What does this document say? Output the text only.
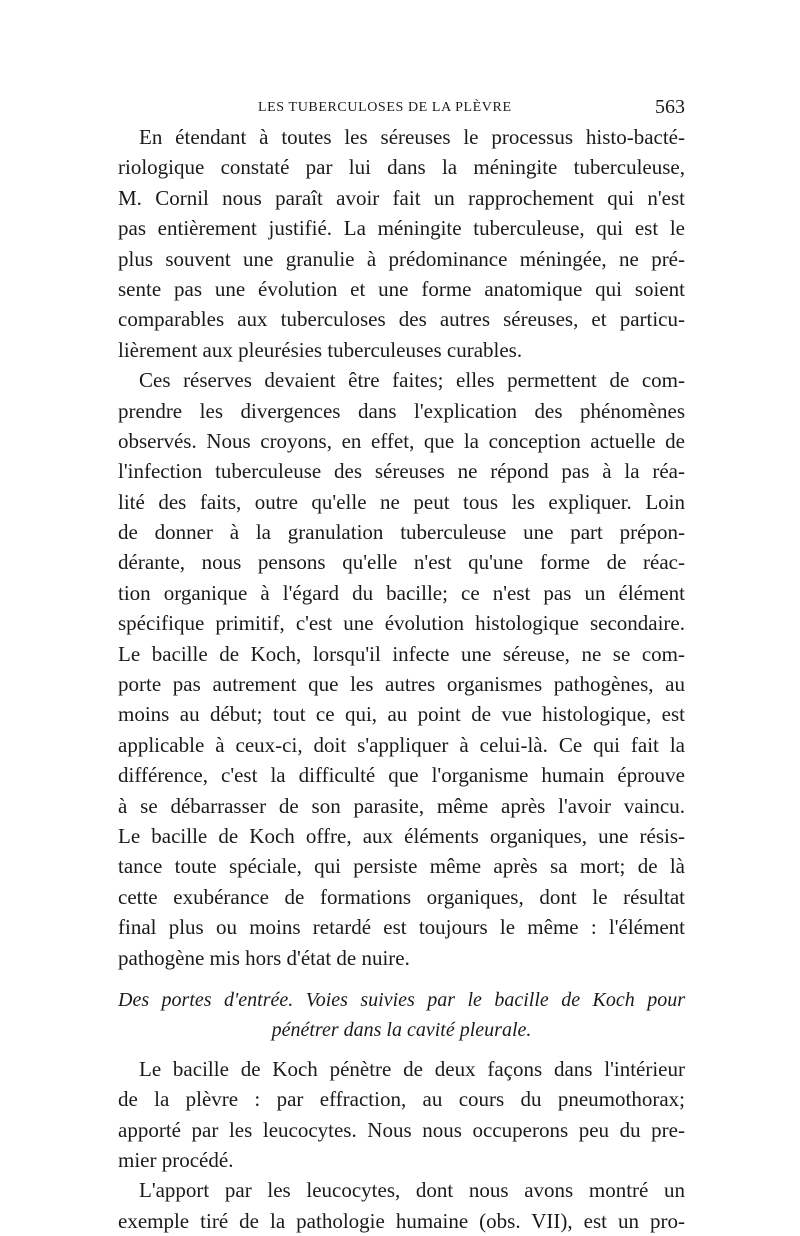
LES TUBERCULOSES DE LA PLÈVRE	563
En étendant à toutes les séreuses le processus histo-bacté-
riologique constaté par lui dans la méningite tuberculeuse,
M. Cornil nous paraît avoir fait un rapprochement qui n'est
pas entièrement justifié. La méningite tuberculeuse, qui est le
plus souvent une granulie à prédominance méningée, ne pré-
sente pas une évolution et une forme anatomique qui soient
comparables aux tuberculoses des autres séreuses, et particu-
lièrement aux pleurésies tuberculeuses curables.
Ces réserves devaient être faites; elles permettent de com-
prendre les divergences dans l'explication des phénomènes
observés. Nous croyons, en effet, que la conception actuelle de
l'infection tuberculeuse des séreuses ne répond pas à la réa-
lité des faits, outre qu'elle ne peut tous les expliquer. Loin
de donner à la granulation tuberculeuse une part prépon-
dérante, nous pensons qu'elle n'est qu'une forme de réac-
tion organique à l'égard du bacille; ce n'est pas un élément
spécifique primitif, c'est une évolution histologique secondaire.
Le bacille de Koch, lorsqu'il infecte une séreuse, ne se com-
porte pas autrement que les autres organismes pathogènes, au
moins au début; tout ce qui, au point de vue histologique, est
applicable à ceux-ci, doit s'appliquer à celui-là. Ce qui fait la
différence, c'est la difficulté que l'organisme humain éprouve
à se débarrasser de son parasite, même après l'avoir vaincu.
Le bacille de Koch offre, aux éléments organiques, une résis-
tance toute spéciale, qui persiste même après sa mort; de là
cette exubérance de formations organiques, dont le résultat
final plus ou moins retardé est toujours le même : l'élément
pathogène mis hors d'état de nuire.
Des portes d'entrée. Voies suivies par le bacille de Koch pour
pénétrer dans la cavité pleurale.
Le bacille de Koch pénètre de deux façons dans l'intérieur
de la plèvre : par effraction, au cours du pneumothorax;
apporté par les leucocytes. Nous nous occuperons peu du pre-
mier procédé.
L'apport par les leucocytes, dont nous avons montré un
exemple tiré de la pathologie humaine (obs. VII), est un pro-
